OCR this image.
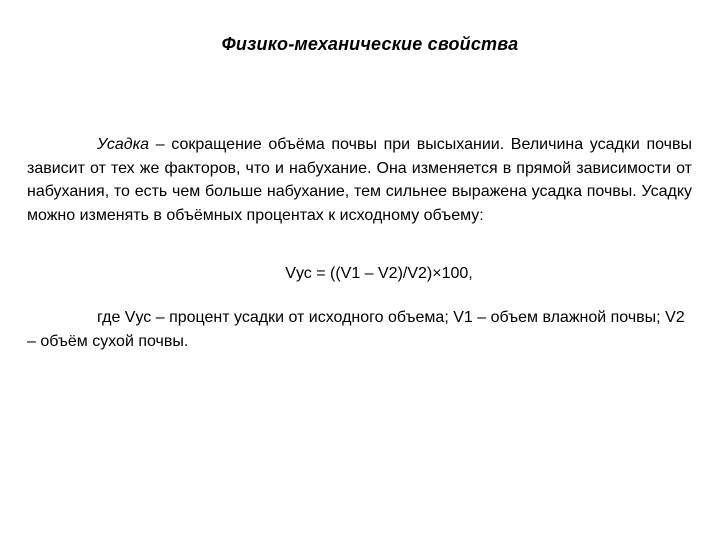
Физико-механические свойства
Усадка – сокращение объёма почвы при высыхании. Величина усадки почвы зависит от тех же факторов, что и набухание. Она изменяется в прямой зависимости от набухания, то есть чем больше набухание, тем сильнее выражена усадка почвы. Усадку можно изменять в объёмных процентах к исходному объему:
Vус = ((V1 – V2)/V2)×100,
где Vус – процент усадки от исходного объема; V1 – объем влажной почвы; V2 – объём сухой почвы.
